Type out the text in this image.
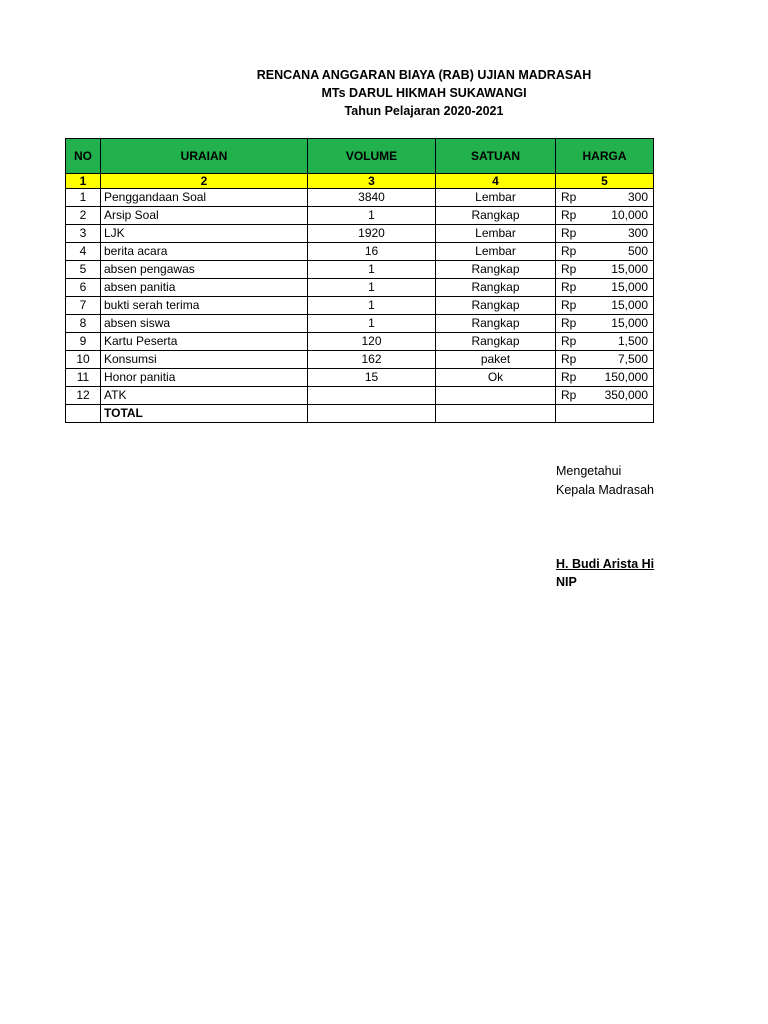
RENCANA ANGGARAN BIAYA (RAB) UJIAN MADRASAH
MTs DARUL HIKMAH SUKAWANGI
Tahun Pelajaran 2020-2021
NO	URAIAN	VOLUME	SATUAN	HARGA
1	2	3	4	5
1	Penggandaan Soal	3840	Lembar	Rp 300

2	Arsip Soal	1	Rangkap	Rp 10,000

3	LJK	1920	Lembar	Rp 300

4	berita acara	16	Lembar	Rp 500

5	absen pengawas	1	Rangkap	Rp 15,000

6	absen panitia	1	Rangkap	Rp 15,000

7	bukti serah terima	1	Rangkap	Rp 15,000

8	absen siswa	1	Rangkap	Rp 15,000

9	Kartu Peserta	120	Rangkap	Rp 1,500

10	Konsumsi	162	paket	Rp 7,500

11	Honor panitia	15	Ok	Rp 150,000

12	ATK			Rp 350,000

	TOTAL			
Mengetahui
Kepala Madrasah
H. Budi Arista Hi
NIP
